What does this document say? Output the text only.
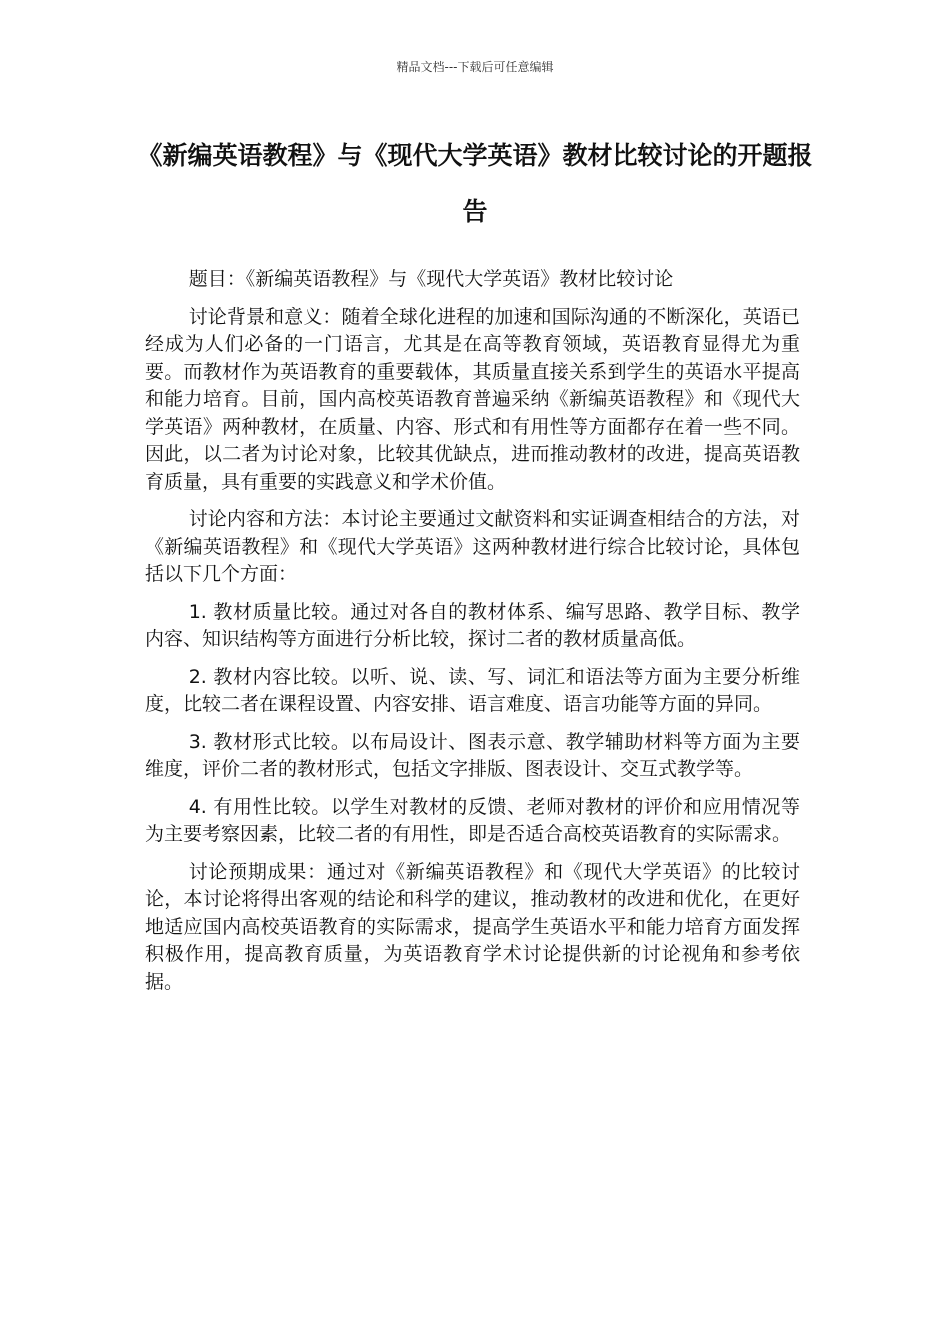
精品文档---下载后可任意编辑
《新编英语教程》与《现代大学英语》教材比较讨论的开题报告

题目：《新编英语教程》与《现代大学英语》教材比较讨论

讨论背景和意义：随着全球化进程的加速和国际沟通的不断深化，英语已经成为人们必备的一门语言，尤其是在高等教育领域，英语教育显得尤为重要。而教材作为英语教育的重要载体，其质量直接关系到学生的英语水平提高和能力培育。目前，国内高校英语教育普遍采纳《新编英语教程》和《现代大学英语》两种教材，在质量、内容、形式和有用性等方面都存在着一些不同。因此，以二者为讨论对象，比较其优缺点，进而推动教材的改进，提高英语教育质量，具有重要的实践意义和学术价值。

讨论内容和方法：本讨论主要通过文献资料和实证调查相结合的方法，对《新编英语教程》和《现代大学英语》这两种教材进行综合比较讨论，具体包括以下几个方面：

1. 教材质量比较。通过对各自的教材体系、编写思路、教学目标、教学内容、知识结构等方面进行分析比较，探讨二者的教材质量高低。

2. 教材内容比较。以听、说、读、写、词汇和语法等方面为主要分析维度，比较二者在课程设置、内容安排、语言难度、语言功能等方面的异同。

3. 教材形式比较。以布局设计、图表示意、教学辅助材料等方面为主要维度，评价二者的教材形式，包括文字排版、图表设计、交互式教学等。

4. 有用性比较。以学生对教材的反馈、老师对教材的评价和应用情况等为主要考察因素，比较二者的有用性，即是否适合高校英语教育的实际需求。

讨论预期成果：通过对《新编英语教程》和《现代大学英语》的比较讨论，本讨论将得出客观的结论和科学的建议，推动教材的改进和优化，在更好地适应国内高校英语教育的实际需求，提高学生英语水平和能力培育方面发挥积极作用，提高教育质量，为英语教育学术讨论提供新的讨论视角和参考依据。
